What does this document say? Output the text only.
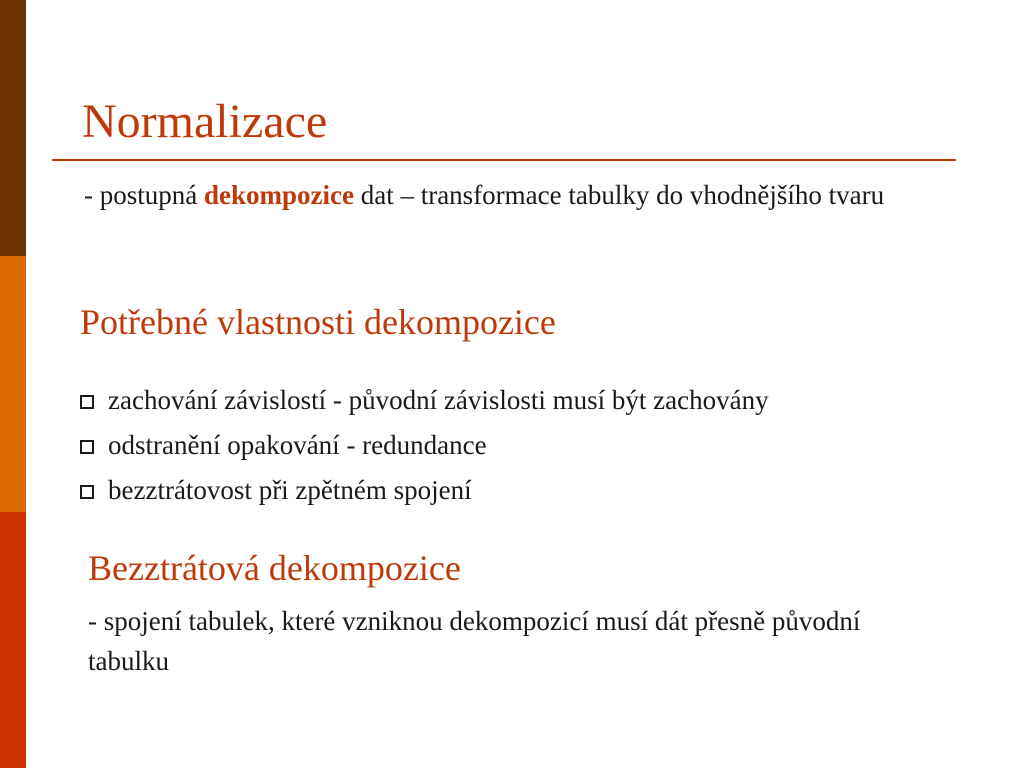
Normalizace

- postupná dekompozice dat – transformace tabulky do vhodnějšího tvaru

Potřebné vlastnosti dekompozice
zachování závislostí - původní závislosti musí být zachovány
odstranění opakování - redundance
bezztrátovost při zpětném spojení
Bezztrátová dekompozice

- spojení tabulek, které vzniknou dekompozicí musí dát přesně původní tabulku
